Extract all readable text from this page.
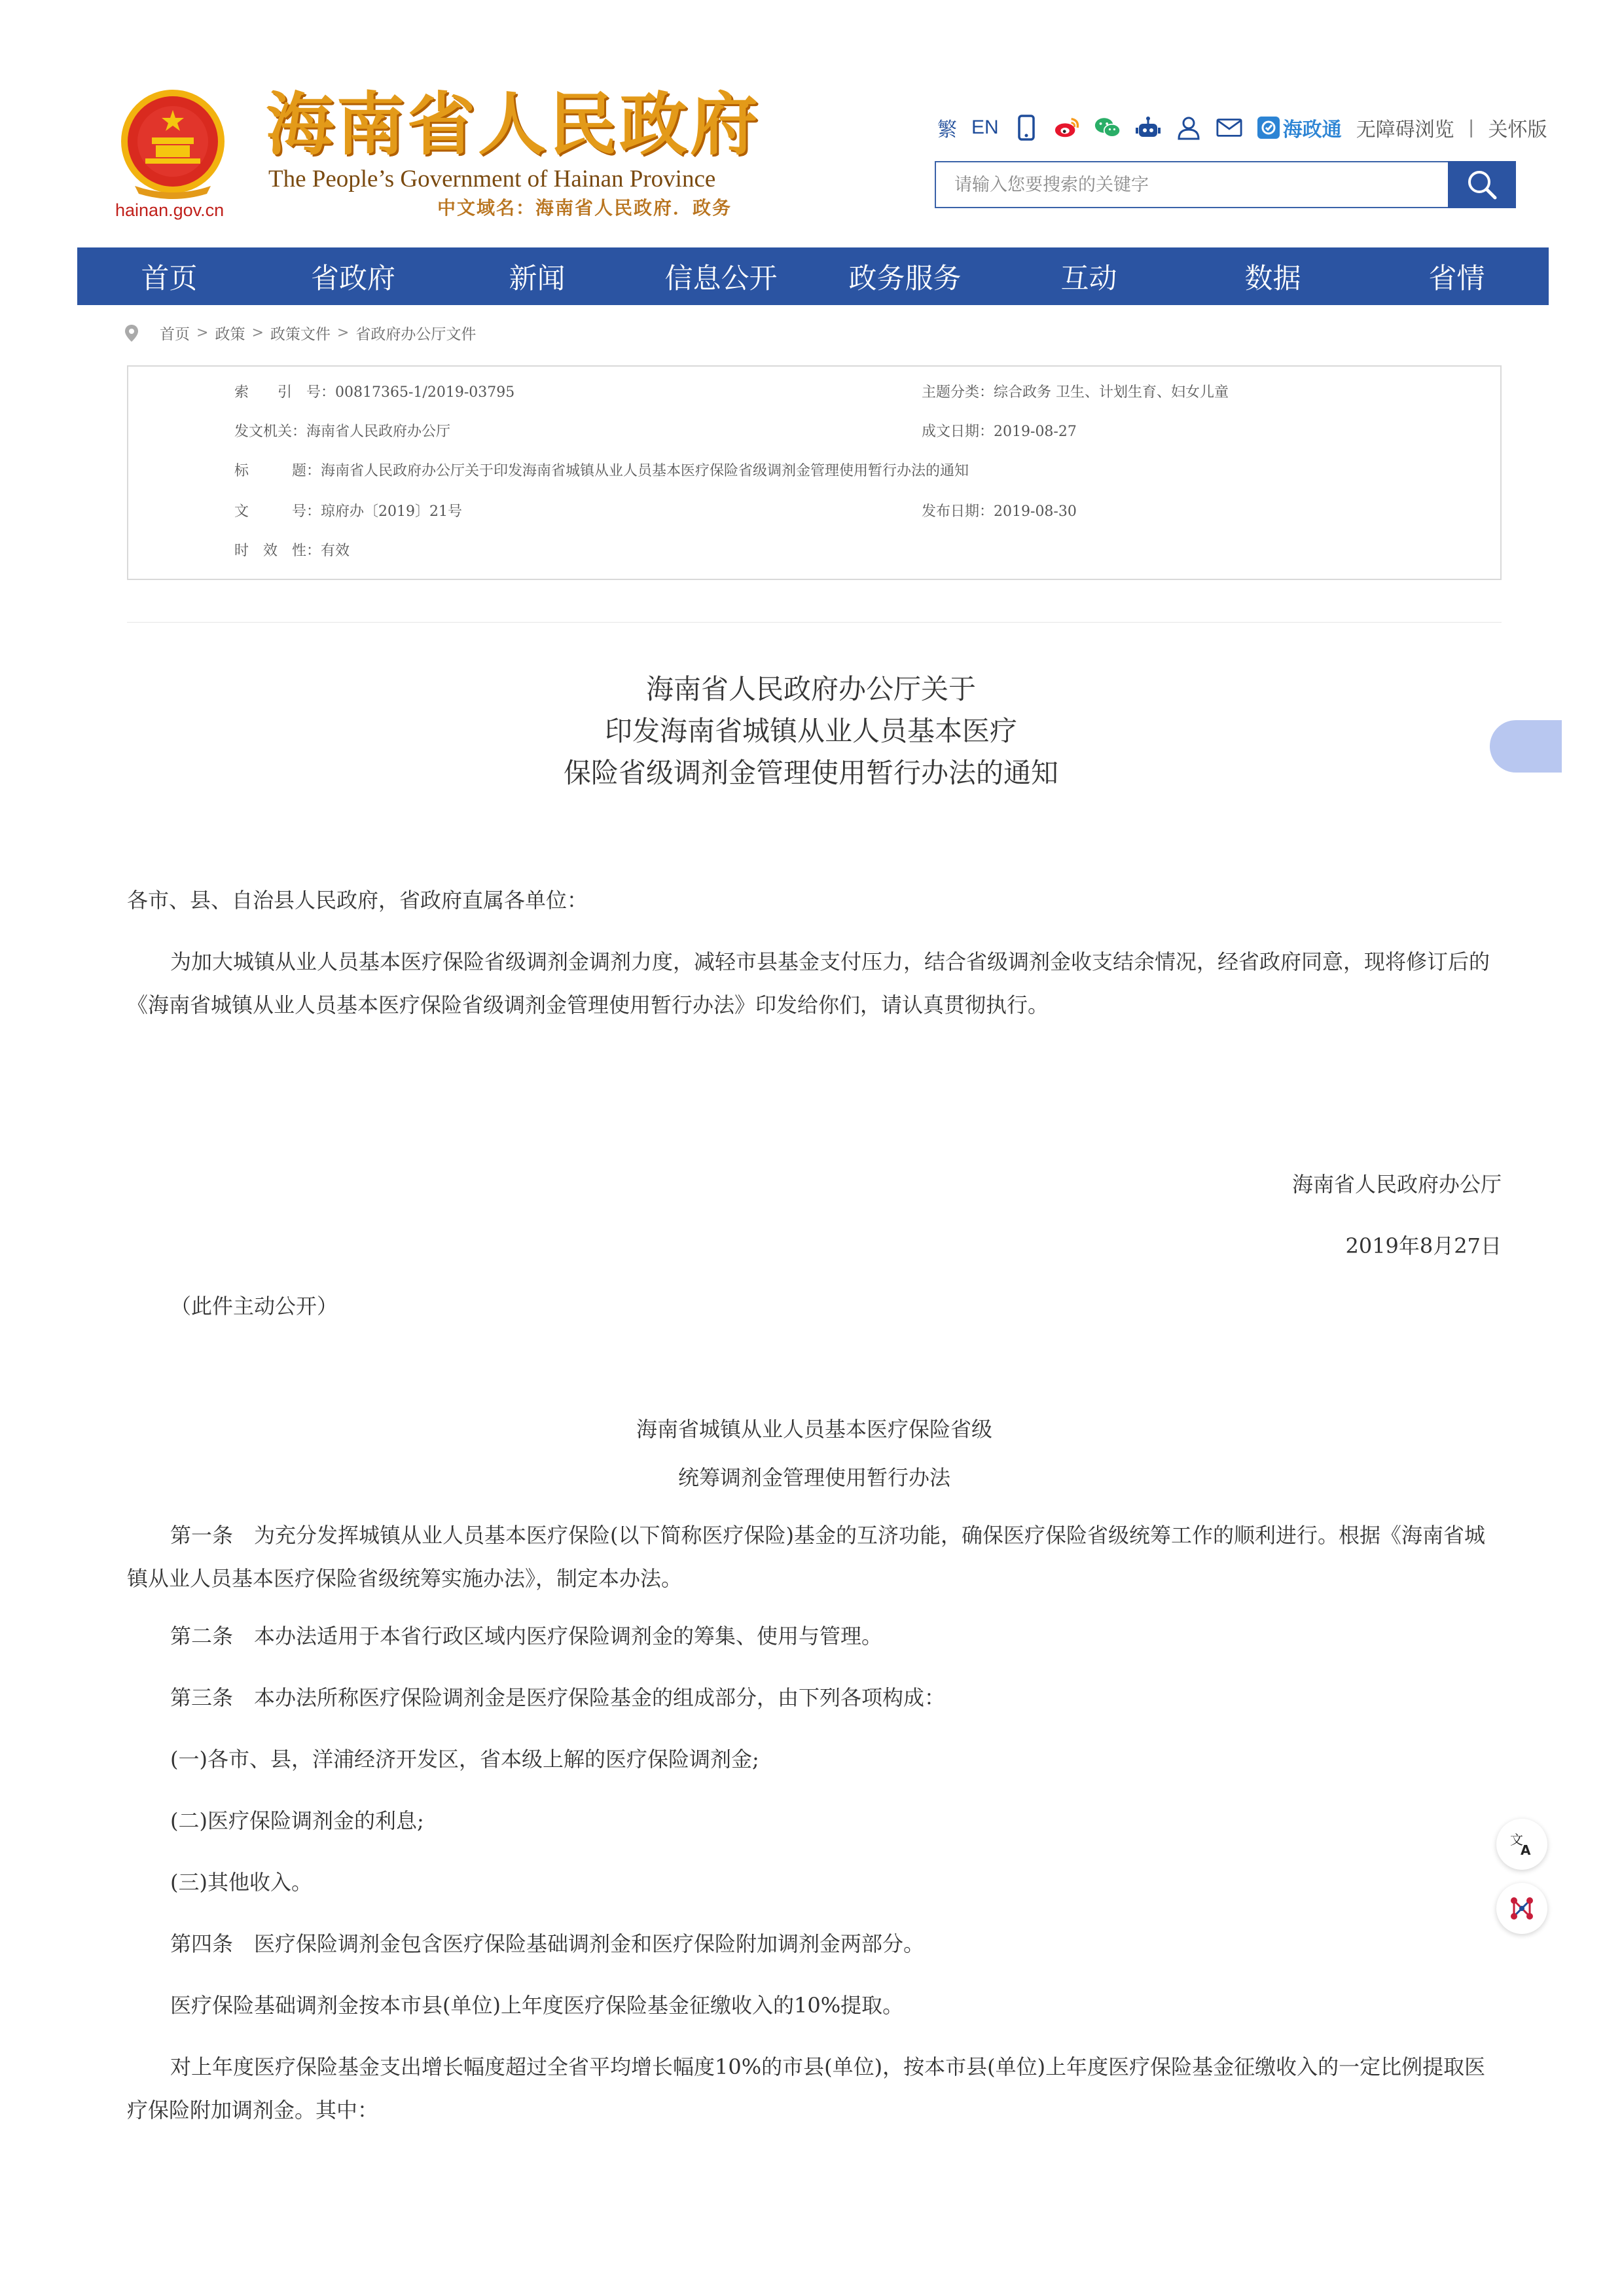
hainan.gov.cn
海南省人民政府
The People’s Government of Hainan Province
中文域名：海南省人民政府．政务
繁 EN	海政通 无障碍浏览 | 关怀版
请输入您要搜索的关键字
首页	省政府	新闻	信息公开	政务服务	互动	数据	省情
首页 > 政策 > 政策文件 > 省政府办公厅文件
索　　引　号：00817365-1/2019-03795	主题分类：综合政务 卫生、计划生育、妇女儿童
发文机关：海南省人民政府办公厅	成文日期：2019-08-27
标　　　题：海南省人民政府办公厅关于印发海南省城镇从业人员基本医疗保险省级调剂金管理使用暂行办法的通知
文　　　号：琼府办〔2019〕21号	发布日期：2019-08-30
时　效　性：有效
海南省人民政府办公厅关于
印发海南省城镇从业人员基本医疗
保险省级调剂金管理使用暂行办法的通知
各市、县、自治县人民政府，省政府直属各单位：
为加大城镇从业人员基本医疗保险省级调剂金调剂力度，减轻市县基金支付压力，结合省级调剂金收支结余情况，经省政府同意，现将修订后的《海南省城镇从业人员基本医疗保险省级调剂金管理使用暂行办法》印发给你们，请认真贯彻执行。
海南省人民政府办公厅
2019年8月27日
（此件主动公开）
海南省城镇从业人员基本医疗保险省级
统筹调剂金管理使用暂行办法
第一条　为充分发挥城镇从业人员基本医疗保险(以下简称医疗保险)基金的互济功能，确保医疗保险省级统筹工作的顺利进行。根据《海南省城镇从业人员基本医疗保险省级统筹实施办法》，制定本办法。
第二条　本办法适用于本省行政区域内医疗保险调剂金的筹集、使用与管理。
第三条　本办法所称医疗保险调剂金是医疗保险基金的组成部分，由下列各项构成：
(一)各市、县，洋浦经济开发区，省本级上解的医疗保险调剂金;
(二)医疗保险调剂金的利息;
(三)其他收入。
第四条　医疗保险调剂金包含医疗保险基础调剂金和医疗保险附加调剂金两部分。
医疗保险基础调剂金按本市县(单位)上年度医疗保险基金征缴收入的10%提取。
对上年度医疗保险基金支出增长幅度超过全省平均增长幅度10%的市县(单位)，按本市县(单位)上年度医疗保险基金征缴收入的一定比例提取医疗保险附加调剂金。其中：
文
A
